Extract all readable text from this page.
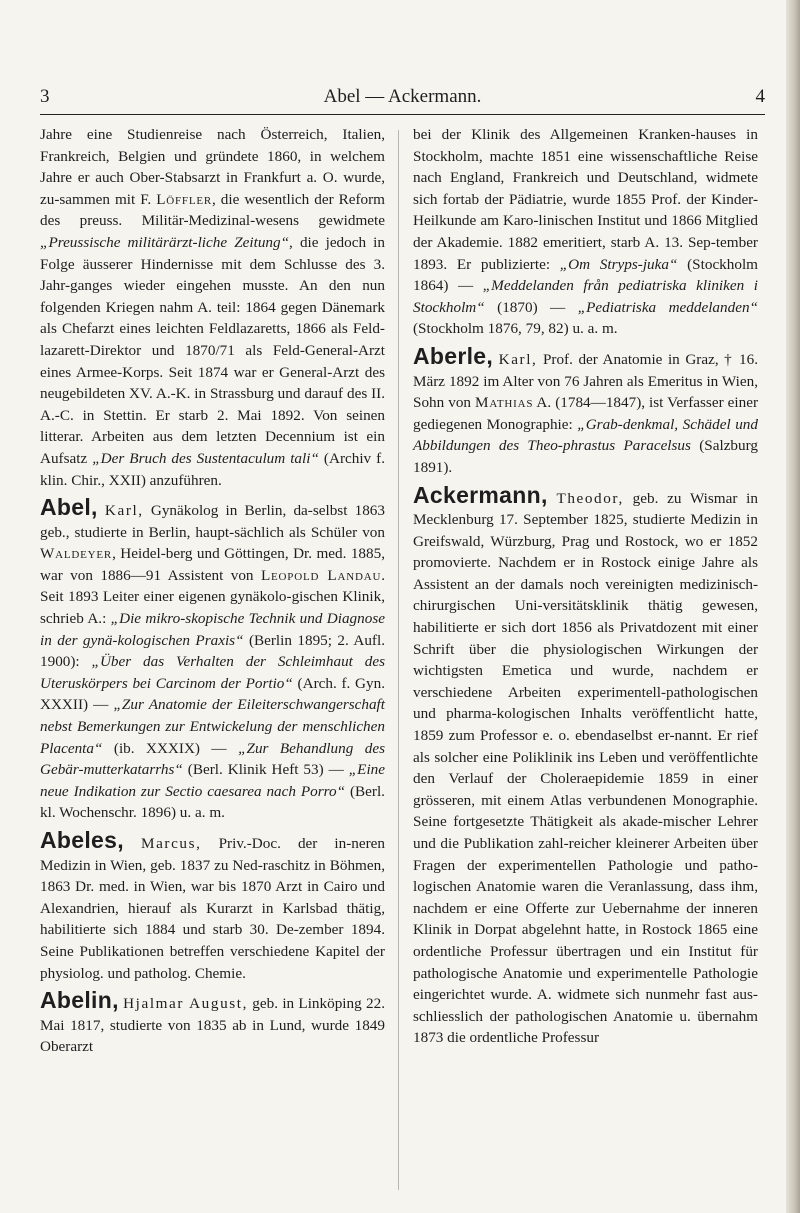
3	Abel — Ackermann.	4

Jahre eine Studienreise nach Österreich, Italien, Frankreich, Belgien und gründete 1860, in welchem Jahre er auch Ober-Stabsarzt in Frankfurt a. O. wurde, zu-sammen mit F. Löffler, die wesentlich der Reform des preuss. Militär-Medizinal-wesens gewidmete „Preussische militärärzt-liche Zeitung“, die jedoch in Folge äusserer Hindernisse mit dem Schlusse des 3. Jahr-ganges wieder eingehen musste. An den nun folgenden Kriegen nahm A. teil: 1864 gegen Dänemark als Chefarzt eines leichten Feldlazaretts, 1866 als Feld-lazarett-Direktor und 1870/71 als Feld-General-Arzt eines Armee-Korps. Seit 1874 war er General-Arzt des neugebildeten XV. A.-K. in Strassburg und darauf des II. A.-C. in Stettin. Er starb 2. Mai 1892. Von seinen litterar. Arbeiten aus dem letzten Decennium ist ein Aufsatz „Der Bruch des Sustentaculum tali“ (Archiv f. klin. Chir., XXII) anzuführen.

Abel, Karl, Gynäkolog in Berlin, da-selbst 1863 geb., studierte in Berlin, haupt-sächlich als Schüler von Waldeyer, Heidel-berg und Göttingen, Dr. med. 1885, war von 1886—91 Assistent von Leopold Landau. Seit 1893 Leiter einer eigenen gynäkolo-gischen Klinik, schrieb A.: „Die mikro-skopische Technik und Diagnose in der gynä-kologischen Praxis“ (Berlin 1895; 2. Aufl. 1900): „Über das Verhalten der Schleimhaut des Uteruskörpers bei Carcinom der Portio“ (Arch. f. Gyn. XXXII) — „Zur Anatomie der Eileiterschwangerschaft nebst Bemerkungen zur Entwickelung der menschlichen Placenta“ (ib. XXXIX) — „Zur Behandlung des Gebär-mutterkatarrhs“ (Berl. Klinik Heft 53) — „Eine neue Indikation zur Sectio caesarea nach Porro“ (Berl. kl. Wochenschr. 1896) u. a. m.

Abeles, Marcus, Priv.-Doc. der in-neren Medizin in Wien, geb. 1837 zu Ned-raschitz in Böhmen, 1863 Dr. med. in Wien, war bis 1870 Arzt in Cairo und Alexandrien, hierauf als Kurarzt in Karlsbad thätig, habilitierte sich 1884 und starb 30. De-zember 1894. Seine Publikationen betreffen verschiedene Kapitel der physiolog. und patholog. Chemie.

Abelin, Hjalmar August, geb. in Linköping 22. Mai 1817, studierte von 1835 ab in Lund, wurde 1849 Oberarzt

bei der Klinik des Allgemeinen Kranken-hauses in Stockholm, machte 1851 eine wissenschaftliche Reise nach England, Frankreich und Deutschland, widmete sich fortab der Pädiatrie, wurde 1855 Prof. der Kinder-Heilkunde am Karo-linischen Institut und 1866 Mitglied der Akademie. 1882 emeritiert, starb A. 13. Sep-tember 1893. Er publizierte: „Om Stryps-juka“ (Stockholm 1864) — „Meddelanden från pediatriska kliniken i Stockholm“ (1870) — „Pediatriska meddelanden“ (Stockholm 1876, 79, 82) u. a. m.

Aberle, Karl, Prof. der Anatomie in Graz, † 16. März 1892 im Alter von 76 Jahren als Emeritus in Wien, Sohn von Mathias A. (1784—1847), ist Verfasser einer gediegenen Monographie: „Grab-denkmal, Schädel und Abbildungen des Theo-phrastus Paracelsus (Salzburg 1891).

Ackermann, Theodor, geb. zu Wismar in Mecklenburg 17. September 1825, studierte Medizin in Greifswald, Würzburg, Prag und Rostock, wo er 1852 promovierte. Nachdem er in Rostock einige Jahre als Assistent an der damals noch vereinigten medizinisch-chirurgischen Uni-versitätsklinik thätig gewesen, habilitierte er sich dort 1856 als Privatdozent mit einer Schrift über die physiologischen Wirkungen der wichtigsten Emetica und wurde, nachdem er verschiedene Arbeiten experimentell-pathologischen und pharma-kologischen Inhalts veröffentlicht hatte, 1859 zum Professor e. o. ebendaselbst er-nannt. Er rief als solcher eine Poliklinik ins Leben und veröffentlichte den Verlauf der Choleraepidemie 1859 in einer grösseren, mit einem Atlas verbundenen Monographie. Seine fortgesetzte Thätigkeit als akade-mischer Lehrer und die Publikation zahl-reicher kleinerer Arbeiten über Fragen der experimentellen Pathologie und patho-logischen Anatomie waren die Veranlassung, dass ihm, nachdem er eine Offerte zur Uebernahme der inneren Klinik in Dorpat abgelehnt hatte, in Rostock 1865 eine ordentliche Professur übertragen und ein Institut für pathologische Anatomie und experimentelle Pathologie eingerichtet wurde. A. widmete sich nunmehr fast aus-schliesslich der pathologischen Anatomie u. übernahm 1873 die ordentliche Professur
